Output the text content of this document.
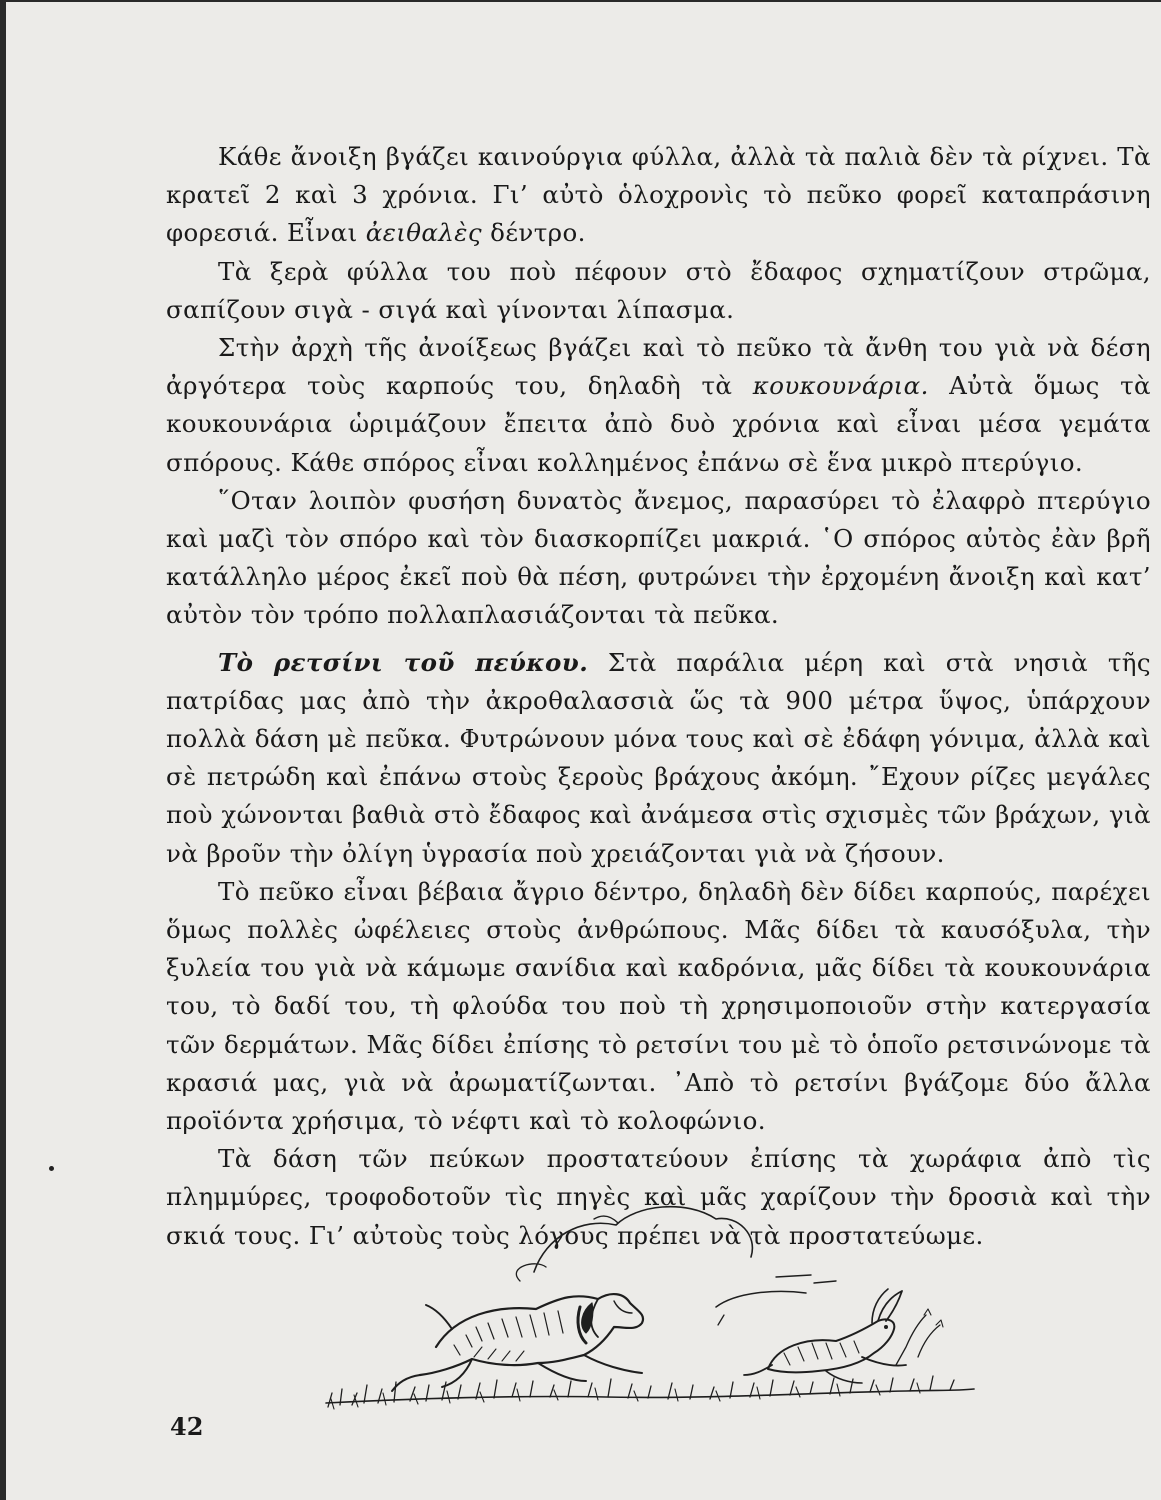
Κάθε ἄνοιξη βγάζει καινούργια φύλλα, ἀλλὰ τὰ παλιὰ δὲν τὰ ρίχνει. Τὰ κρατεῖ 2 καὶ 3 χρόνια. Γι’ αὐτὸ ὁλοχρονὶς τὸ πεῦκο φορεῖ καταπράσινη φορεσιά. Εἶναι ἀειθαλὲς δέντρο.

Τὰ ξερὰ φύλλα του ποὺ πέφουν στὸ ἔδαφος σχηματίζουν στρῶμα, σαπίζουν σιγὰ - σιγά καὶ γίνονται λίπασμα.

Στὴν ἀρχὴ τῆς ἀνοίξεως βγάζει καὶ τὸ πεῦκο τὰ ἄνθη του γιὰ νὰ δέση ἀργότερα τοὺς καρπούς του, δηλαδὴ τὰ κουκουνάρια. Αὐτὰ ὅμως τὰ κουκουνάρια ὡριμάζουν ἔπειτα ἀπὸ δυὸ χρόνια καὶ εἶναι μέσα γεμάτα σπόρους. Κάθε σπόρος εἶναι κολλημένος ἐπάνω σὲ ἕνα μικρὸ πτερύγιο.

῞Οταν λοιπὸν φυσήση δυνατὸς ἄνεμος, παρασύρει τὸ ἐλαφρὸ πτερύγιο καὶ μαζὶ τὸν σπόρο καὶ τὸν διασκορπίζει μακριά. ῾Ο σπόρος αὐτὸς ἐὰν βρῆ κατάλληλο μέρος ἐκεῖ ποὺ θὰ πέση, φυτρώνει τὴν ἐρχομένη ἄνοιξη καὶ κατ’ αὐτὸν τὸν τρόπο πολλαπλασιάζονται τὰ πεῦκα.

Τὸ ρετσίνι τοῦ πεύκου. Στὰ παράλια μέρη καὶ στὰ νησιὰ τῆς πατρίδας μας ἀπὸ τὴν ἀκροθαλασσιὰ ὥς τὰ 900 μέτρα ὕψος, ὑπάρχουν πολλὰ δάση μὲ πεῦκα. Φυτρώνουν μόνα τους καὶ σὲ ἐδάφη γόνιμα, ἀλλὰ καὶ σὲ πετρώδη καὶ ἐπάνω στοὺς ξεροὺς βράχους ἀκόμη. ῎Εχουν ρίζες μεγάλες ποὺ χώνονται βαθιὰ στὸ ἔδαφος καὶ ἀνάμεσα στὶς σχισμὲς τῶν βράχων, γιὰ νὰ βροῦν τὴν ὀλίγη ὑγρασία ποὺ χρειάζονται γιὰ νὰ ζήσουν.

Τὸ πεῦκο εἶναι βέβαια ἄγριο δέντρο, δηλαδὴ δὲν δίδει καρπούς, παρέχει ὅμως πολλὲς ὠφέλειες στοὺς ἀνθρώπους. Μᾶς δίδει τὰ καυσόξυλα, τὴν ξυλεία του γιὰ νὰ κάμωμε σανίδια καὶ καδρόνια, μᾶς δίδει τὰ κουκουνάρια του, τὸ δαδί του, τὴ φλούδα του ποὺ τὴ χρησιμοποιοῦν στὴν κατεργασία τῶν δερμάτων. Μᾶς δίδει ἐπίσης τὸ ρετσίνι του μὲ τὸ ὁποῖο ρετσινώνομε τὰ κρασιά μας, γιὰ νὰ ἀρωματίζωνται. ᾿Απὸ τὸ ρετσίνι βγάζομε δύο ἄλλα προϊόντα χρήσιμα, τὸ νέφτι καὶ τὸ κολοφώνιο.

Τὰ δάση τῶν πεύκων προστατεύουν ἐπίσης τὰ χωράφια ἀπὸ τὶς πλημμύρες, τροφοδοτοῦν τὶς πηγὲς καὶ μᾶς χαρίζουν τὴν δροσιὰ καὶ τὴν σκιά τους. Γι’ αὐτοὺς τοὺς λόγους πρέπει νὰ τὰ προστατεύωμε.

42
